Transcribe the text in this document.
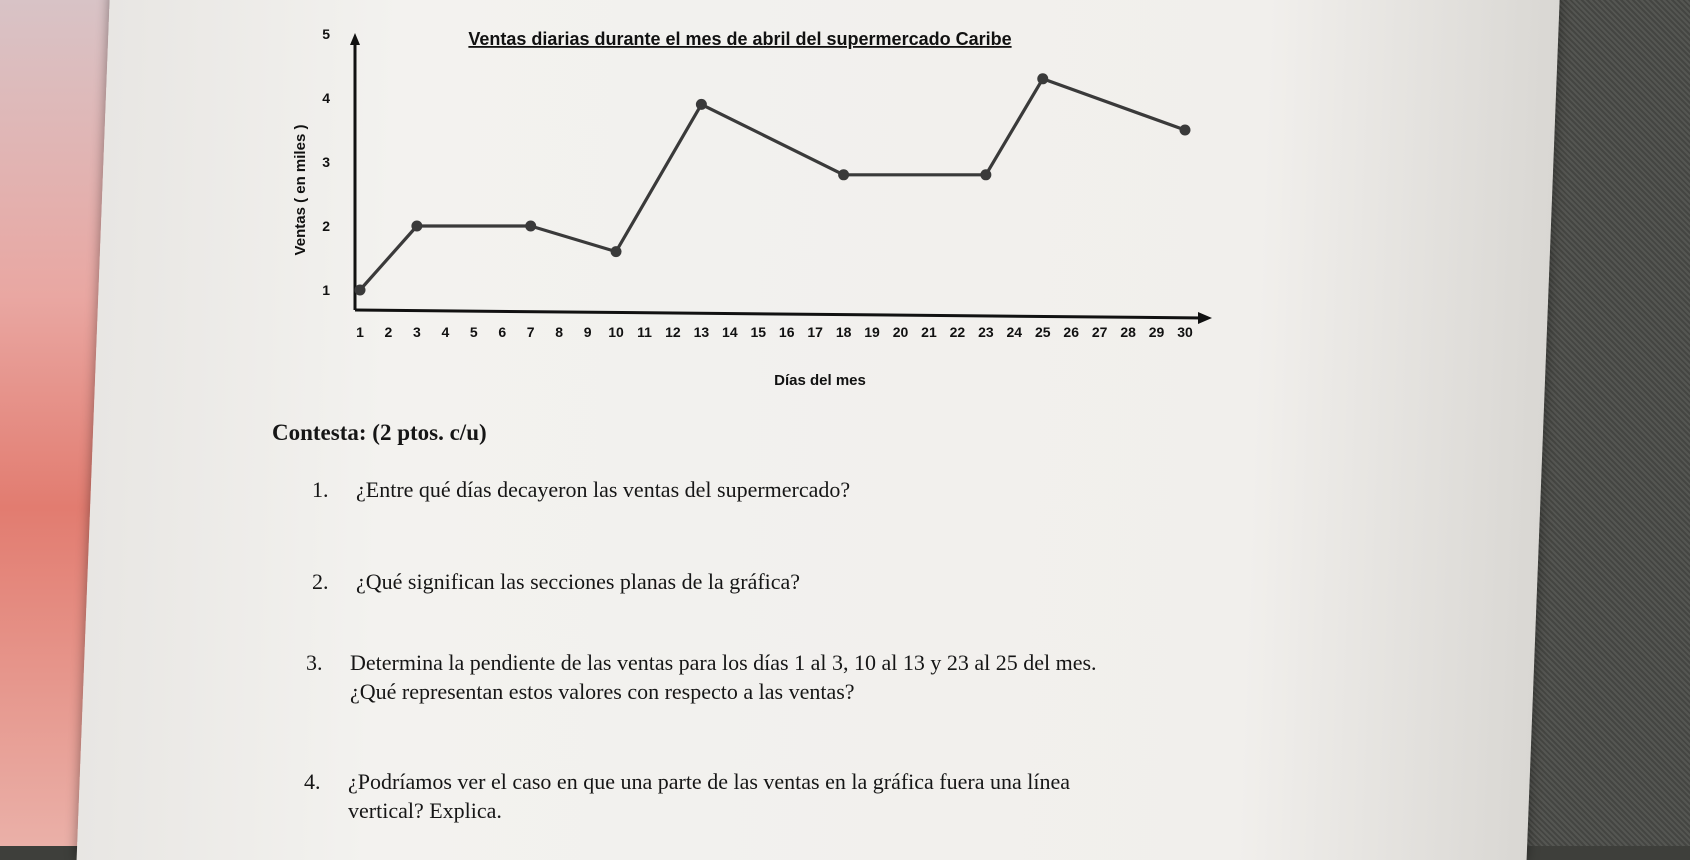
1 2 3 4 5 6 7 8 9 10 11 12 13 14 15 16 17 18 19 20 21 22 23 24 25 26 27 28 29 30
1
2
3
4
5	Ventas diarias durante el mes de abril del supermercado Caribe
Días del mes
Ventas ( en miles )
Contesta: (2 ptos. c/u)
1. ¿Entre qué días decayeron las ventas del supermercado?
2. ¿Qué significan las secciones planas de la gráfica?
3. Determina la pendiente de las ventas para los días 1 al 3, 10 al 13 y 23 al 25 del mes.
¿Qué representan estos valores con respecto a las ventas?
4. ¿Podríamos ver el caso en que una parte de las ventas en la gráfica fuera una línea
vertical? Explica.
